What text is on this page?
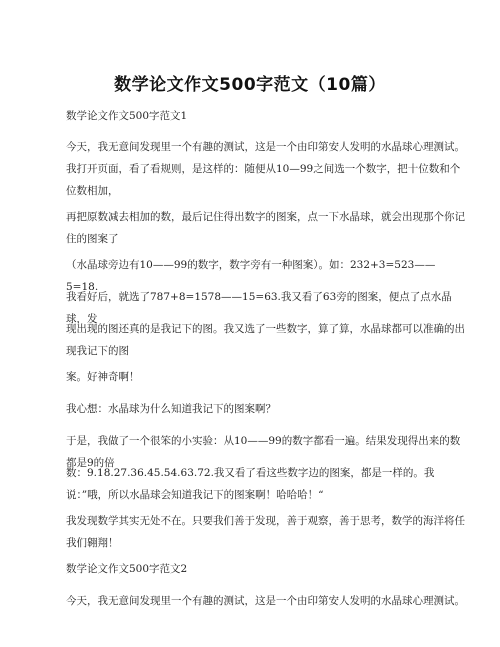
数学论文作文500字范文（10篇）

数学论文作文500字范文1

今天，我无意间发现里一个有趣的测试，这是一个由印第安人发明的水晶球心理测试。

我打开页面，看了看规则，是这样的：随便从10—99之间选一个数字，把十位数和个位数相加，

再把原数减去相加的数，最后记住得出数字的图案，点一下水晶球，就会出现那个你记住的图案了

（水晶球旁边有10——99的数字，数字旁有一种图案）。如：232+3=523——5=18.

我看好后，就选了787+8=1578——15=63.我又看了63旁的图案，便点了点水晶球，发

现出现的图还真的是我记下的图。我又选了一些数字，算了算，水晶球都可以准确的出现我记下的图

案。好神奇啊！

我心想：水晶球为什么知道我记下的图案啊？

于是，我做了一个很笨的小实验：从10——99的数字都看一遍。结果发现得出来的数都是9的倍

数：9.18.27.36.45.54.63.72.我又看了看这些数字边的图案，都是一样的。我说：”哦，所以水晶球会知道我记下的图案啊！哈哈哈！“

我发现数学其实无处不在。只要我们善于发现，善于观察，善于思考，数学的海洋将任我们翱翔！

数学论文作文500字范文2

今天，我无意间发现里一个有趣的测试，这是一个由印第安人发明的水晶球心理测试。
